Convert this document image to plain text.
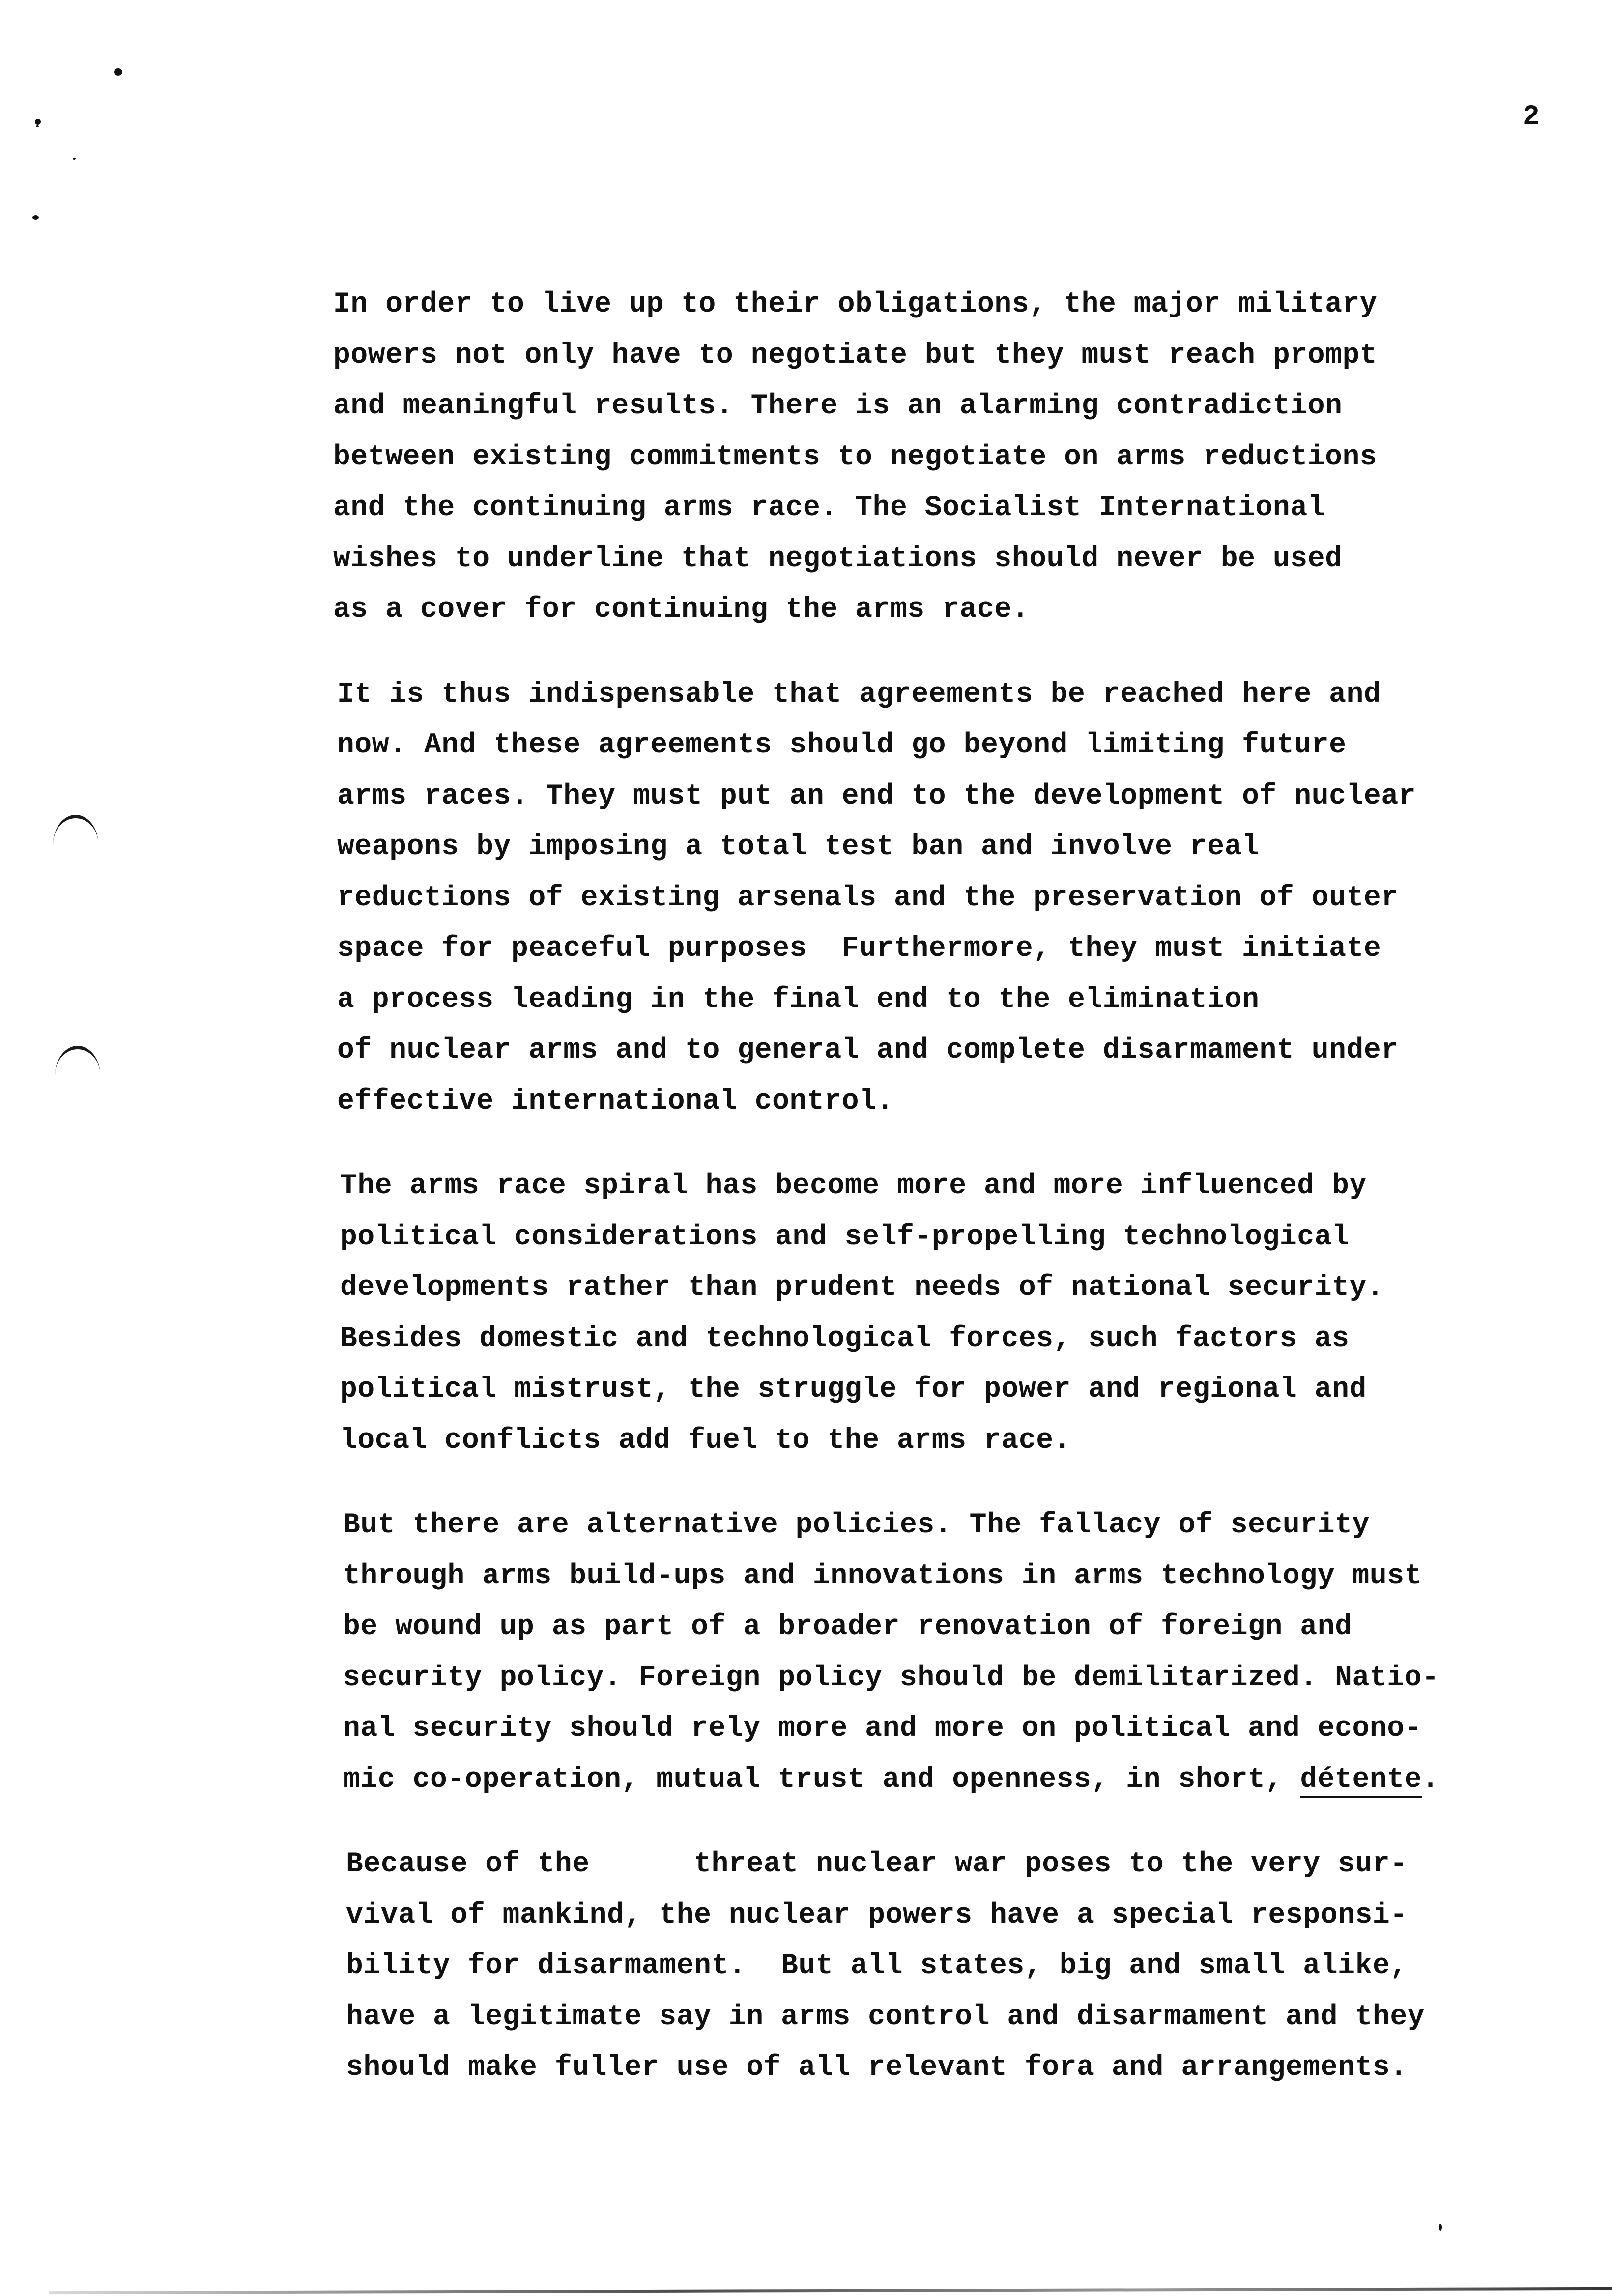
2
In order to live up to their obligations, the major military
powers not only have to negotiate but they must reach prompt
and meaningful results. There is an alarming contradiction
between existing commitments to negotiate on arms reductions
and the continuing arms race. The Socialist International
wishes to underline that negotiations should never be used
as a cover for continuing the arms race.
It is thus indispensable that agreements be reached here and
now. And these agreements should go beyond limiting future
arms races. They must put an end to the development of nuclear
weapons by imposing a total test ban and involve real
reductions of existing arsenals and the preservation of outer
space for peaceful purposes  Furthermore, they must initiate
a process leading in the final end to the elimination
of nuclear arms and to general and complete disarmament under
effective international control.
The arms race spiral has become more and more influenced by
political considerations and self-propelling technological
developments rather than prudent needs of national security.
Besides domestic and technological forces, such factors as
political mistrust, the struggle for power and regional and
local conflicts add fuel to the arms race.
But there are alternative policies. The fallacy of security
through arms build-ups and innovations in arms technology must
be wound up as part of a broader renovation of foreign and
security policy. Foreign policy should be demilitarized. Natio-
nal security should rely more and more on political and econo-
mic co-operation, mutual trust and openness, in short, détente.
Because of the      threat nuclear war poses to the very sur-
vival of mankind, the nuclear powers have a special responsi-
bility for disarmament.  But all states, big and small alike,
have a legitimate say in arms control and disarmament and they
should make fuller use of all relevant fora and arrangements.
